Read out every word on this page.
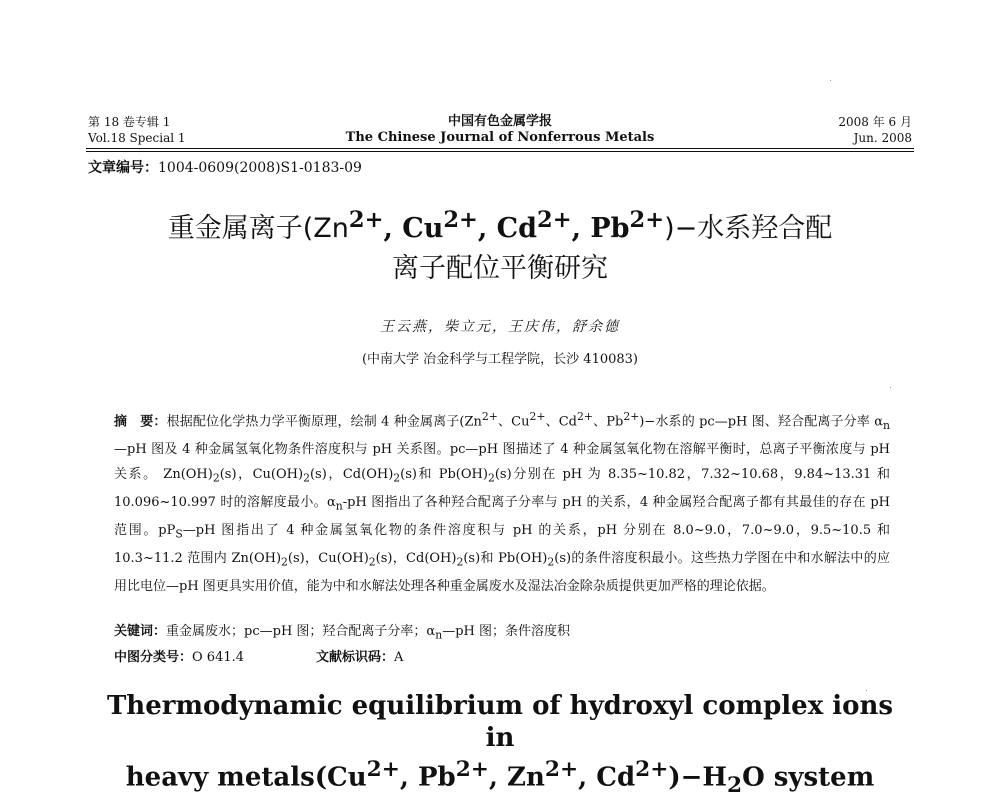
第 18 卷专辑 1
Vol.18 Special 1
中国有色金属学报
The Chinese Journal of Nonferrous Metals
2008 年 6 月
Jun. 2008
文章编号：1004-0609(2008)S1-0183-09
重金属离子($Zn^{2+}$, $Cu^{2+}$, $Cd^{2+}$, $Pb^{2+})-$水系羟合配
离子配位平衡研究
王云燕，柴立元，王庆伟，舒余德
(中南大学 冶金科学与工程学院，长沙 410083)
摘　要：根据配位化学热力学平衡原理，绘制 4 种金属离子($Zn^{2+}$、$Cu^{2+}$、$Cd^{2+}$、$Pb^{2+})-$水系的 pc—pH 图、羟合配离子分率 $\alpha_n—pH$ 图及 4 种金属氢氧化物条件溶度积与 pH 关系图。pc—pH 图描述了 4 种金属氢氧化物在溶解平衡时，总离子平衡浓度与 pH 关系。 $Zn(OH)_2(s)$，$Cu(OH)_2(s)$，$Cd(OH)_2(s)$和 $Pb(OH)_2(s)$分别在 pH 为 8.35~10.82，7.32~10.68，9.84~13.31 和 10.096~10.997 时的溶解度最小。$\alpha_n-pH$ 图指出了各种羟合配离子分率与 pH 的关系，4 种金属羟合配离子都有其最佳的存在 pH 范围。$pP_S—pH$ 图指出了 4 种金属氢氧化物的条件溶度积与 pH 的关系，pH 分别在 8.0~9.0，7.0~9.0，9.5~10.5 和 10.3~11.2 范围内 $Zn(OH)_2(s)$，$Cu(OH)_2(s)$，$Cd(OH)_2(s)$和 $Pb(OH)_2(s)$的条件溶度积最小。这些热力学图在中和水解法中的应用比电位—pH 图更具实用价值，能为中和水解法处理各种重金属废水及湿法冶金除杂质提供更加严格的理论依据。
关键词：重金属废水；pc—pH 图；羟合配离子分率；$\alpha_n—pH$ 图；条件溶度积
中图分类号：O 641.4	文献标识码：A
Thermodynamic equilibrium of hydroxyl complex ions in
heavy $metals(Cu^{2+}$, $Pb^{2+}$, $Zn^{2+}$, $Cd^{2+})-H_2O$ system
